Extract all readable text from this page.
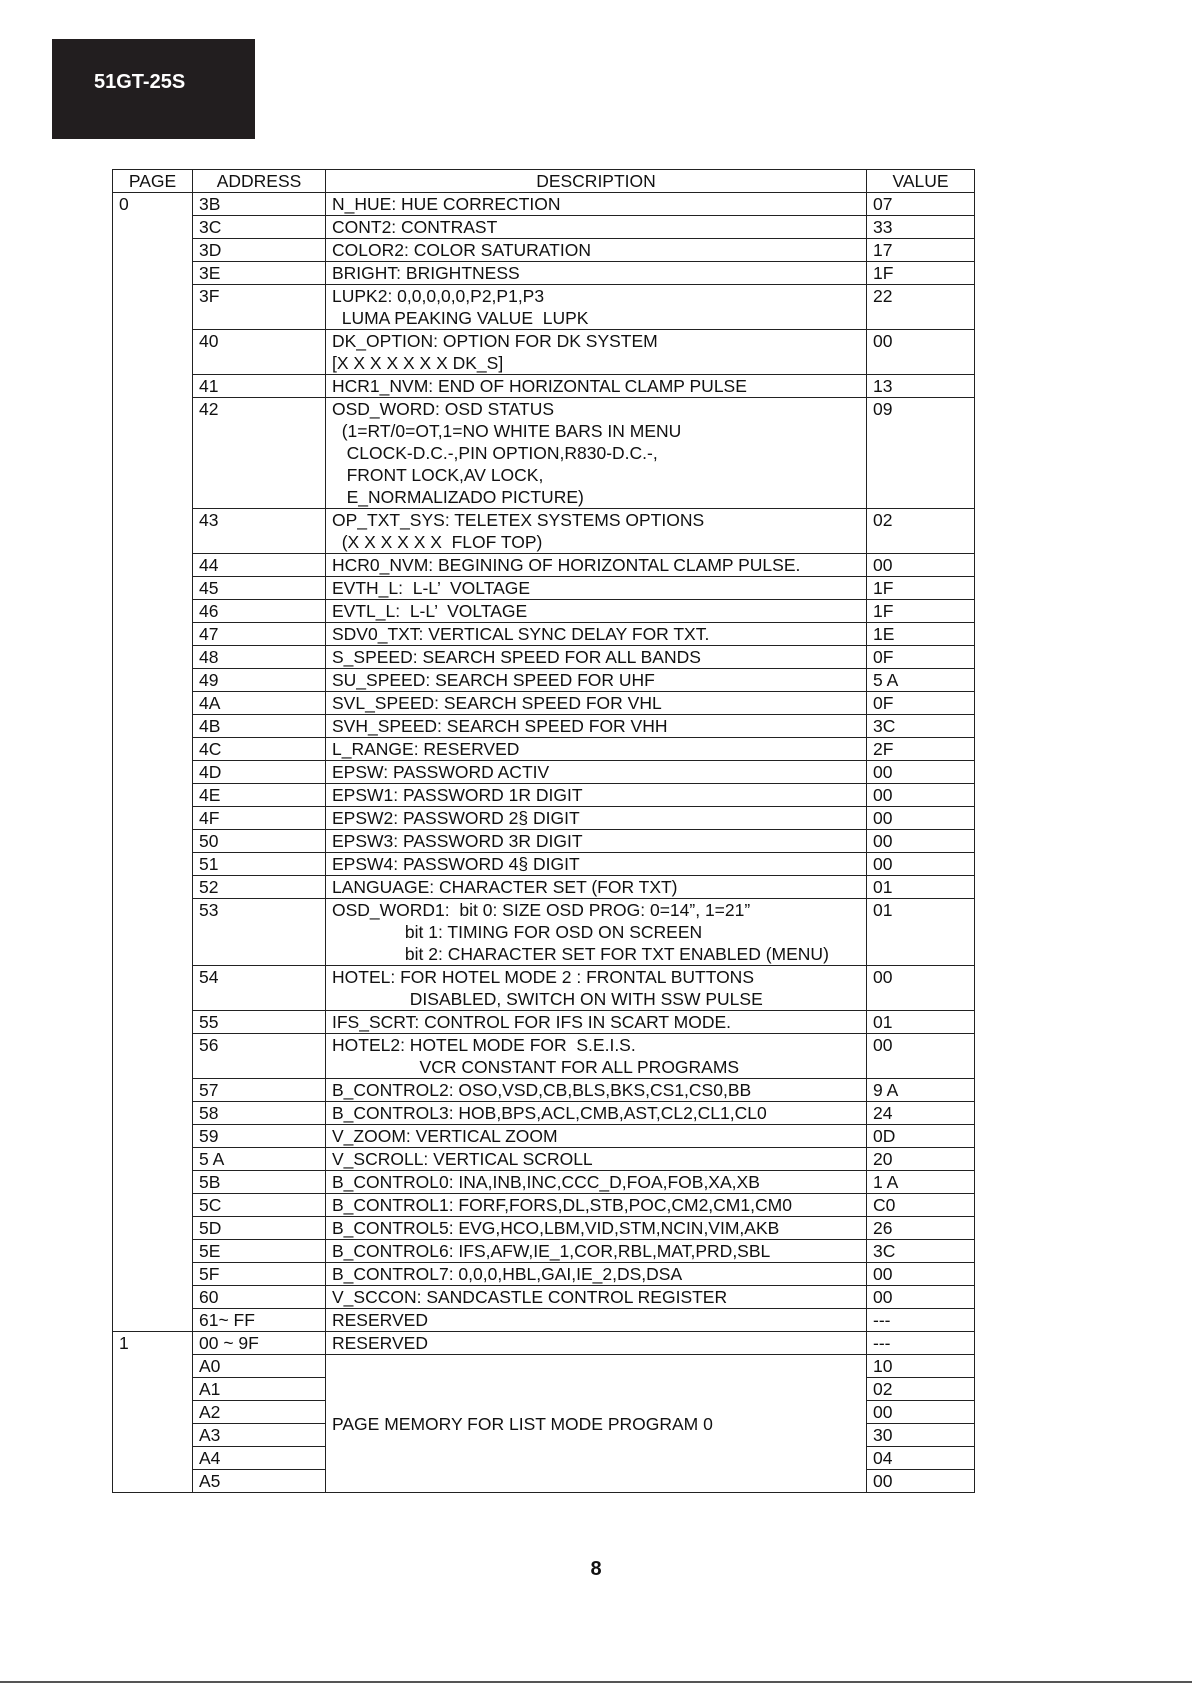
51GT-25S
PAGE	ADDRESS	DESCRIPTION	VALUE
0	3B	N_HUE: HUE CORRECTION	07
	3C	CONT2: CONTRAST	33
	3D	COLOR2: COLOR SATURATION	17
	3E	BRIGHT: BRIGHTNESS	1F
	3F	LUPK2: 0,0,0,0,0,P2,P1,P3
LUMA PEAKING VALUE  LUPK	22
	40	DK_OPTION: OPTION FOR DK SYSTEM
[X X X X X X X DK_S]	00
	41	HCR1_NVM: END OF HORIZONTAL CLAMP PULSE	13
	42	OSD_WORD: OSD STATUS
(1=RT/0=OT,1=NO WHITE BARS IN MENU
CLOCK-D.C.-,PIN OPTION,R830-D.C.-,
FRONT LOCK,AV LOCK,
E_NORMALIZADO PICTURE)	09
	43	OP_TXT_SYS: TELETEX SYSTEMS OPTIONS
(X X X X X X  FLOF TOP)	02
	44	HCR0_NVM: BEGINING OF HORIZONTAL CLAMP PULSE.	00
	45	EVTH_L:  L-L’  VOLTAGE	1F
	46	EVTL_L:  L-L’  VOLTAGE	1F
	47	SDV0_TXT: VERTICAL SYNC DELAY FOR TXT.	1E
	48	S_SPEED: SEARCH SPEED FOR ALL BANDS	0F
	49	SU_SPEED: SEARCH SPEED FOR UHF	5 A
	4A	SVL_SPEED: SEARCH SPEED FOR VHL	0F
	4B	SVH_SPEED: SEARCH SPEED FOR VHH	3C
	4C	L_RANGE: RESERVED	2F
	4D	EPSW: PASSWORD ACTIV	00
	4E	EPSW1: PASSWORD 1R DIGIT	00
	4F	EPSW2: PASSWORD 2§ DIGIT	00
	50	EPSW3: PASSWORD 3R DIGIT	00
	51	EPSW4: PASSWORD 4§ DIGIT	00
	52	LANGUAGE: CHARACTER SET (FOR TXT)	01
	53	OSD_WORD1:  bit 0: SIZE OSD PROG: 0=14”, 1=21”
bit 1: TIMING FOR OSD ON SCREEN
bit 2: CHARACTER SET FOR TXT ENABLED (MENU)	01
	54	HOTEL: FOR HOTEL MODE 2 : FRONTAL BUTTONS
DISABLED, SWITCH ON WITH SSW PULSE	00
	55	IFS_SCRT: CONTROL FOR IFS IN SCART MODE.	01
	56	HOTEL2: HOTEL MODE FOR  S.E.I.S.
VCR CONSTANT FOR ALL PROGRAMS	00
	57	B_CONTROL2: OSO,VSD,CB,BLS,BKS,CS1,CS0,BB	9 A
	58	B_CONTROL3: HOB,BPS,ACL,CMB,AST,CL2,CL1,CL0	24
	59	V_ZOOM: VERTICAL ZOOM	0D
	5 A	V_SCROLL: VERTICAL SCROLL	20
	5B	B_CONTROL0: INA,INB,INC,CCC_D,FOA,FOB,XA,XB	1 A
	5C	B_CONTROL1: FORF,FORS,DL,STB,POC,CM2,CM1,CM0	C0
	5D	B_CONTROL5: EVG,HCO,LBM,VID,STM,NCIN,VIM,AKB	26
	5E	B_CONTROL6: IFS,AFW,IE_1,COR,RBL,MAT,PRD,SBL	3C
	5F	B_CONTROL7: 0,0,0,HBL,GAI,IE_2,DS,DSA	00
	60	V_SCCON: SANDCASTLE CONTROL REGISTER	00
	61~ FF	RESERVED	---
1	00 ~ 9F	RESERVED	---
	A0	PAGE MEMORY FOR LIST MODE PROGRAM 0	10
	A1		02
	A2		00
	A3		30
	A4		04
	A5		00
8
